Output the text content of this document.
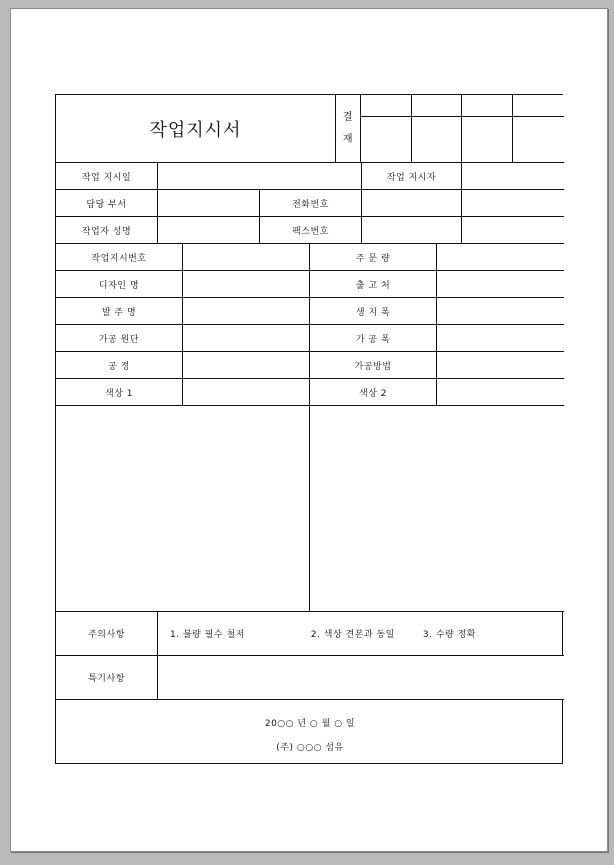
작업지시서
결
재
작업 지시일	작업 지시자
담당 부서	전화번호
작업자 성명	팩스번호
작업지시번호	주 문 량
디자인 명	출 고 처
발 주 명	생 지 폭
가공 원단	가 공 폭
공 정	가공방법
색상 1	색상 2
주의사항	1. 불량 필수 철저	2. 색상 견본과 동일	3. 수량 정확
특기사항
20○○ 년 ○ 월 ○ 일
(주) ○○○ 섬유
